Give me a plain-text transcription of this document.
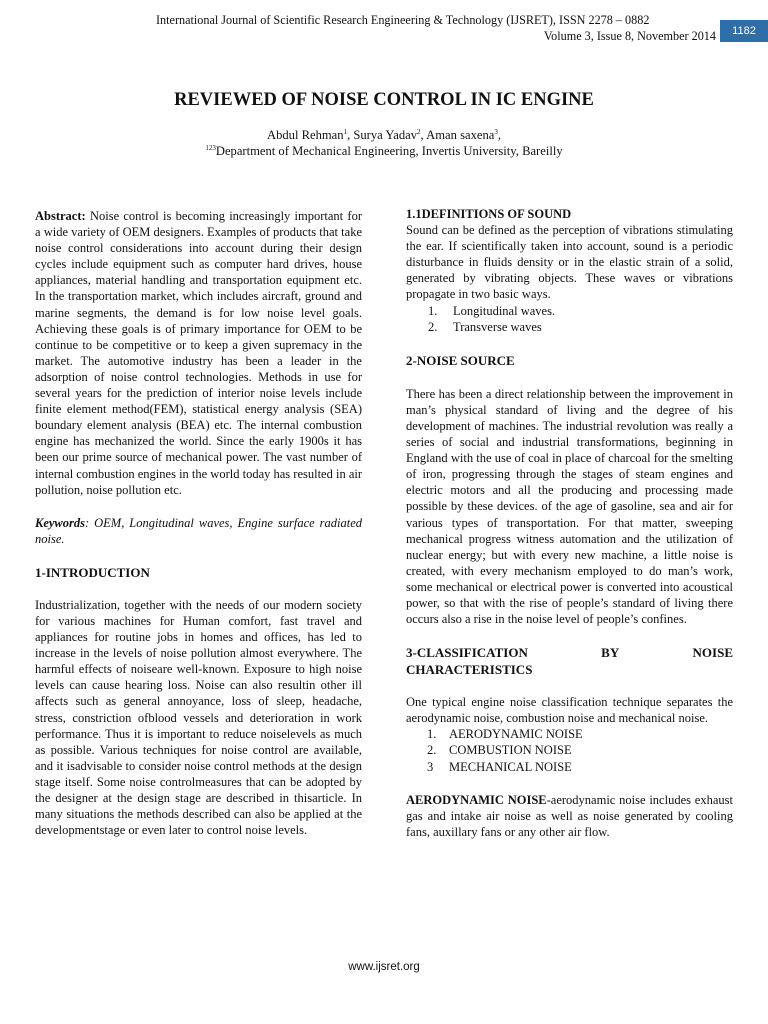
International Journal of Scientific Research Engineering & Technology (IJSRET), ISSN 2278 – 0882
Volume 3, Issue 8, November 2014	1182
REVIEWED OF NOISE CONTROL IN IC ENGINE
Abdul Rehman$^1$, Surya Yadav$^2$, Aman saxena$^3$,
$^{123}$Department of Mechanical Engineering, Invertis University, Bareilly

Abstract: Noise control is becoming increasingly important for a wide variety of OEM designers. Examples of products that take noise control considerations into account during their design cycles include equipment such as computer hard drives, house appliances, material handling and transportation equipment etc. In the transportation market, which includes aircraft, ground and marine segments, the demand is for low noise level goals. Achieving these goals is of primary importance for OEM to be continue to be competitive or to keep a given supremacy in the market. The automotive industry has been a leader in the adsorption of noise control technologies. Methods in use for several years for the prediction of interior noise levels include finite element method(FEM), statistical energy analysis (SEA) boundary element analysis (BEA) etc. The internal combustion engine has mechanized the world. Since the early 1900s it has been our prime source of mechanical power. The vast number of internal combustion engines in the world today has resulted in air pollution, noise pollution etc.

Keywords: OEM, Longitudinal waves, Engine surface radiated noise.

1-INTRODUCTION

Industrialization, together with the needs of our modern society for various machines for Human comfort, fast travel and appliances for routine jobs in homes and offices, has led to increase in the levels of noise pollution almost everywhere. The harmful effects of noiseare well-known. Exposure to high noise levels can cause hearing loss. Noise can also resultin other ill affects such as general annoyance, loss of sleep, headache, stress, constriction ofblood vessels and deterioration in work performance. Thus it is important to reduce noiselevels as much as possible. Various techniques for noise control are available, and it isadvisable to consider noise control methods at the design stage itself. Some noise controlmeasures that can be adopted by the designer at the design stage are described in thisarticle. In many situations the methods described can also be applied at the developmentstage or even later to control noise levels.

1.1DEFINITIONS OF SOUND

Sound can be defined as the perception of vibrations stimulating the ear. If scientifically taken into account, sound is a periodic disturbance in fluids density or in the elastic strain of a solid, generated by vibrating objects. These waves or vibrations propagate in two basic ways.

1.	Longitudinal waves.
2.	Transverse waves
2-NOISE SOURCE

There has been a direct relationship between the improvement in man’s physical standard of living and the degree of his development of machines. The industrial revolution was really a series of social and industrial transformations, beginning in England with the use of coal in place of charcoal for the smelting of iron, progressing through the stages of steam engines and electric motors and all the producing and processing made possible by these devices. of the age of gasoline, sea and air for various types of transportation. For that matter, sweeping mechanical progress witness automation and the utilization of nuclear energy; but with every new machine, a little noise is created, with every mechanism employed to do man’s work, some mechanical or electrical power is converted into acoustical power, so that with the rise of people’s standard of living there occurs also a rise in the noise level of people’s confines.

3-CLASSIFICATION	BY	NOISE
CHARACTERISTICS

One typical engine noise classification technique separates the aerodynamic noise, combustion noise and mechanical noise.

1.	AERODYNAMIC NOISE
2.	COMBUSTION NOISE
3	MECHANICAL NOISE

AERODYNAMIC NOISE-aerodynamic noise includes exhaust gas and intake air noise as well as noise generated by cooling fans, auxillary fans or any other air flow.

www.ijsret.org
